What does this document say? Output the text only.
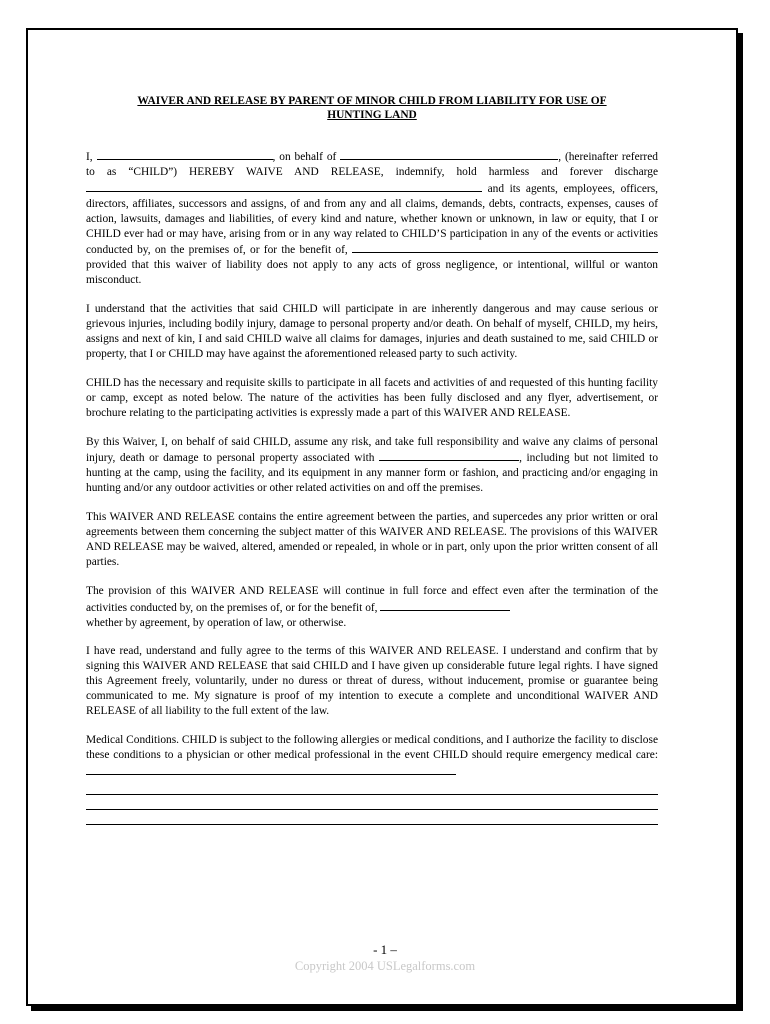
WAIVER AND RELEASE BY PARENT OF MINOR CHILD FROM LIABILITY FOR USE OF
HUNTING LAND

I,	, on behalf of	, (hereinafter referred to as “CHILD”) HEREBY WAIVE AND RELEASE, indemnify, hold harmless and forever discharge  and its agents, employees, officers, directors, affiliates, successors and assigns, of and from any and all claims, demands, debts, contracts, expenses, causes of action, lawsuits, damages and liabilities, of every kind and nature, whether known or unknown, in law or equity, that I or CHILD ever had or may have, arising from or in any way related to CHILD’S participation in any of the events or activities conducted by, on the premises of, or for the benefit of,  provided that this waiver of liability does not apply to any acts of gross negligence, or intentional, willful or wanton misconduct.

I understand that the activities that said CHILD will participate in are inherently dangerous and may cause serious or grievous injuries, including bodily injury, damage to personal property and/or death. On behalf of myself, CHILD, my heirs, assigns and next of kin, I and said CHILD waive all claims for damages, injuries and death sustained to me, said CHILD or property, that I or CHILD may have against the aforementioned released party to such activity.

CHILD has the necessary and requisite skills to participate in all facets and activities of and requested of this hunting facility or camp, except as noted below. The nature of the activities has been fully disclosed and any flyer, advertisement, or brochure relating to the participating activities is expressly made a part of this WAIVER AND RELEASE.

By this Waiver, I, on behalf of said CHILD, assume any risk, and take full responsibility and waive any claims of personal injury, death or damage to personal property associated with	, including but not limited to hunting at the camp, using the facility, and its equipment in any manner form or fashion, and practicing and/or engaging in hunting and/or any outdoor activities or other related activities on and off the premises.

This WAIVER AND RELEASE contains the entire agreement between the parties, and supercedes any prior written or oral agreements between them concerning the subject matter of this WAIVER AND RELEASE. The provisions of this WAIVER AND RELEASE may be waived, altered, amended or repealed, in whole or in part, only upon the prior written consent of all parties.

The provision of this WAIVER AND RELEASE will continue in full force and effect even after the termination of the activities conducted by, on the premises of, or for the benefit of,
whether by agreement, by operation of law, or otherwise.

I have read, understand and fully agree to the terms of this WAIVER AND RELEASE. I understand and confirm that by signing this WAIVER AND RELEASE that said CHILD and I have given up considerable future legal rights. I have signed this Agreement freely, voluntarily, under no duress or threat of duress, without inducement, promise or guarantee being communicated to me. My signature is proof of my intention to execute a complete and unconditional WAIVER AND RELEASE of all liability to the full extent of the law.

Medical Conditions. CHILD is subject to the following allergies or medical conditions, and I authorize the facility to disclose these conditions to a physician or other medical professional in the event CHILD should require emergency medical care:

- 1 –
Copyright 2004 USLegalforms.com
